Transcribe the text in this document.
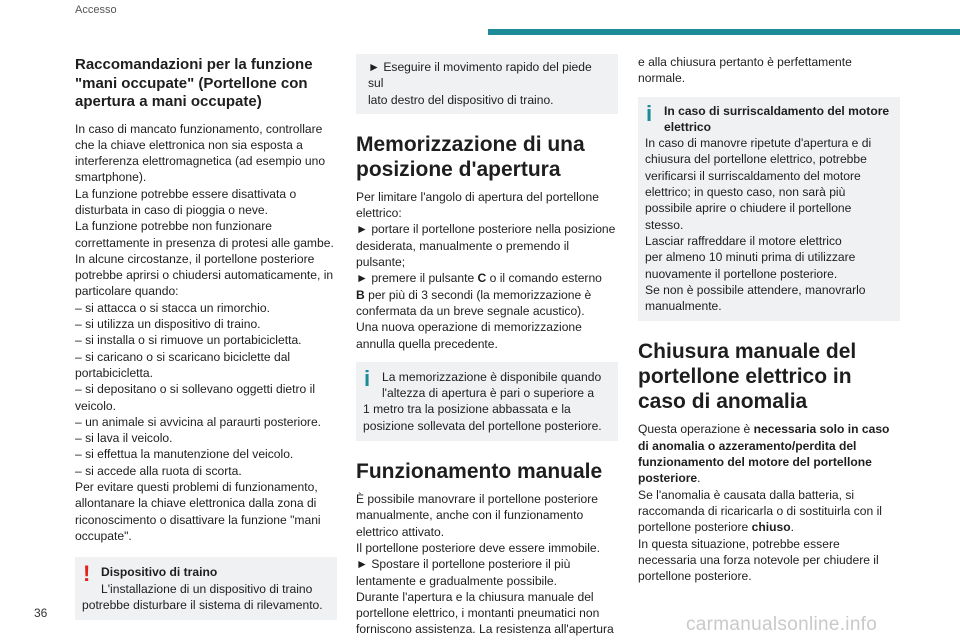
Accesso
Raccomandazioni per la funzione "mani occupate" (Portellone con apertura a mani occupate)

In caso di mancato funzionamento, controllare

che la chiave elettronica non sia esposta a

interferenza elettromagnetica (ad esempio uno

smartphone).

La funzione potrebbe essere disattivata o

disturbata in caso di pioggia o neve.

La funzione potrebbe non funzionare

correttamente in presenza di protesi alle gambe.

In alcune circostanze, il portellone posteriore

potrebbe aprirsi o chiudersi automaticamente, in

particolare quando:

– si attacca o si stacca un rimorchio.

– si utilizza un dispositivo di traino.

– si installa o si rimuove un portabicicletta.

– si caricano o si scaricano biciclette dal

portabicicletta.

– si depositano o si sollevano oggetti dietro il

veicolo.

– un animale si avvicina al paraurti posteriore.

– si lava il veicolo.

– si effettua la manutenzione del veicolo.

– si accede alla ruota di scorta.

Per evitare questi problemi di funzionamento,

allontanare la chiave elettronica dalla zona di

riconoscimento o disattivare la funzione "mani

occupate".

! Dispositivo di traino

L'installazione di un dispositivo di traino

potrebbe disturbare il sistema di rilevamento.

► Eseguire il movimento rapido del piede sul

lato destro del dispositivo di traino.

Memorizzazione di una posizione d'apertura

Per limitare l'angolo di apertura del portellone

elettrico:

► portare il portellone posteriore nella posizione

desiderata, manualmente o premendo il

pulsante;

► premere il pulsante C o il comando esterno

B per più di 3 secondi (la memorizzazione è

confermata da un breve segnale acustico).

Una nuova operazione di memorizzazione

annulla quella precedente.

i La memorizzazione è disponibile quando

l'altezza di apertura è pari o superiore a

1 metro tra la posizione abbassata e la

posizione sollevata del portellone posteriore.

Funzionamento manuale

È possibile manovrare il portellone posteriore

manualmente, anche con il funzionamento

elettrico attivato.

Il portellone posteriore deve essere immobile.

► Spostare il portellone posteriore il più

lentamente e gradualmente possibile.

Durante l'apertura e la chiusura manuale del

portellone elettrico, i montanti pneumatici non

forniscono assistenza. La resistenza all'apertura

e alla chiusura pertanto è perfettamente

normale.

i In caso di surriscaldamento del motore elettrico

In caso di manovre ripetute d'apertura e di

chiusura del portellone elettrico, potrebbe

verificarsi il surriscaldamento del motore

elettrico; in questo caso, non sarà più

possibile aprire o chiudere il portellone

stesso.

Lasciar raffreddare il motore elettrico

per almeno 10 minuti prima di utilizzare

nuovamente il portellone posteriore.

Se non è possibile attendere, manovrarlo

manualmente.

Chiusura manuale del portellone elettrico in caso di anomalia

Questa operazione è necessaria solo in caso di anomalia o azzeramento/perdita del funzionamento del motore del portellone posteriore.

Se l'anomalia è causata dalla batteria, si raccomanda di ricaricarla o di sostituirla con il portellone posteriore chiuso.

In questa situazione, potrebbe essere necessaria una forza notevole per chiudere il portellone posteriore.

36
carmanualsonline.info
